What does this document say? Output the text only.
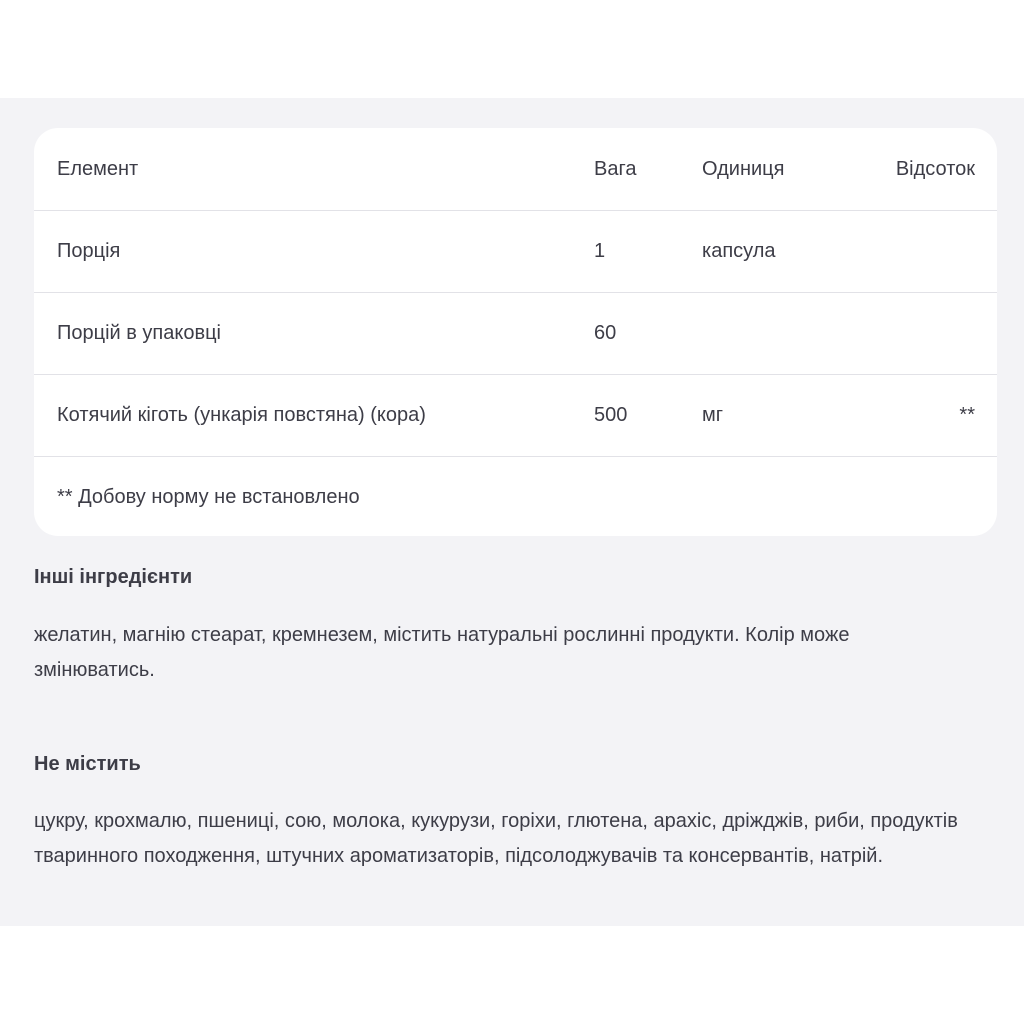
Елемент	Вага	Одиниця	Відсоток
Порція	1	капсула
Порцій в упаковці	60
Котячий кіготь (ункарія повстяна) (кора)	500	мг	**
** Добову норму не встановлено
Інші інгредієнти
желатин, магнію стеарат, кремнезем, містить натуральні рослинні продукти. Колір може змінюватись.
Не містить
цукру, крохмалю, пшениці, сою, молока, кукурузи, горіхи, глютена, арахіс, дріжджів, риби, продуктів тваринного походження, штучних ароматизаторів, підсолоджувачів та консервантів, натрій.
